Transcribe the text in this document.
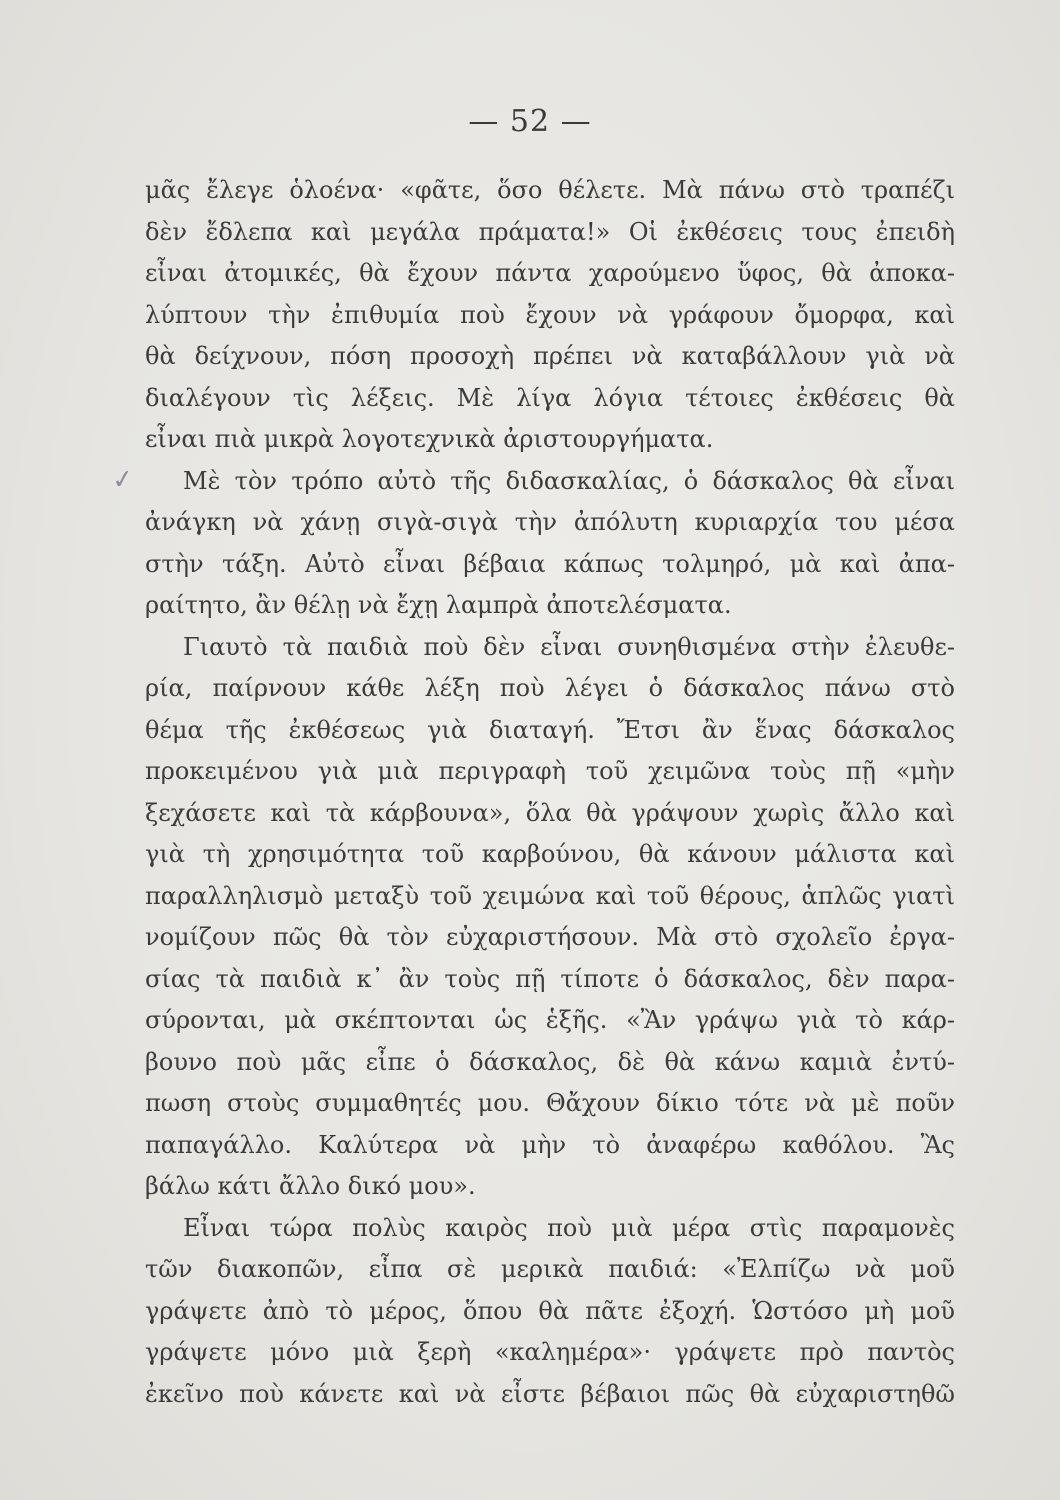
— 52 —
✓
μᾶς ἔλεγε ὁλοένα· «φᾶτε, ὅσο θέλετε. Μὰ πάνω στὸ τραπέζι
δὲν ἔδλεπα καὶ μεγάλα πράματα!» Οἱ ἐκθέσεις τους ἐπειδὴ
εἶναι ἀτομικές, θὰ ἔχουν πάντα χαρούμενο ὕφος, θὰ ἀποκα-
λύπτουν τὴν ἐπιθυμία ποὺ ἔχουν νὰ γράφουν ὄμορφα, καὶ
θὰ δείχνουν, πόση προσοχὴ πρέπει νὰ καταβάλλουν γιὰ νὰ
διαλέγουν τὶς λέξεις. Μὲ λίγα λόγια τέτοιες ἐκθέσεις θὰ
εἶναι πιὰ μικρὰ λογοτεχνικὰ ἀριστουργήματα.
Μὲ τὸν τρόπο αὐτὸ τῆς διδασκαλίας, ὁ δάσκαλος θὰ εἶναι
ἀνάγκη νὰ χάνῃ σιγὰ-σιγὰ τὴν ἀπόλυτη κυριαρχία του μέσα
στὴν τάξη. Αὐτὸ εἶναι βέβαια κάπως τολμηρό, μὰ καὶ ἀπα-
ραίτητο, ἂν θέλῃ νὰ ἔχῃ λαμπρὰ ἀποτελέσματα.
Γιαυτὸ τὰ παιδιὰ ποὺ δὲν εἶναι συνηθισμένα στὴν ἐλευθε-
ρία, παίρνουν κάθε λέξη ποὺ λέγει ὁ δάσκαλος πάνω στὸ
θέμα τῆς ἐκθέσεως γιὰ διαταγή. Ἔτσι ἂν ἕνας δάσκαλος
προκειμένου γιὰ μιὰ περιγραφὴ τοῦ χειμῶνα τοὺς πῇ «μὴν
ξεχάσετε καὶ τὰ κάρβουνα», ὅλα θὰ γράψουν χωρὶς ἄλλο καὶ
γιὰ τὴ χρησιμότητα τοῦ καρβούνου, θὰ κάνουν μάλιστα καὶ
παραλληλισμὸ μεταξὺ τοῦ χειμώνα καὶ τοῦ θέρους, ἁπλῶς γιατὶ
νομίζουν πῶς θὰ τὸν εὐχαριστήσουν. Μὰ στὸ σχολεῖο ἐργα-
σίας τὰ παιδιὰ κ᾿ ἂν τοὺς πῇ τίποτε ὁ δάσκαλος, δὲν παρα-
σύρονται, μὰ σκέπτονται ὡς ἑξῆς. «Ἂν γράψω γιὰ τὸ κάρ-
βουνο ποὺ μᾶς εἶπε ὁ δάσκαλος, δὲ θὰ κάνω καμιὰ ἐντύ-
πωση στοὺς συμμαθητές μου. Θἄχουν δίκιο τότε νὰ μὲ ποῦν
παπαγάλλο. Καλύτερα νὰ μὴν τὸ ἀναφέρω καθόλου. Ἂς
βάλω κάτι ἄλλο δικό μου».
Εἶναι τώρα πολὺς καιρὸς ποὺ μιὰ μέρα στὶς παραμονὲς
τῶν διακοπῶν, εἶπα σὲ μερικὰ παιδιά: «Ἐλπίζω νὰ μοῦ
γράψετε ἀπὸ τὸ μέρος, ὅπου θὰ πᾶτε ἐξοχή. Ὡστόσο μὴ μοῦ
γράψετε μόνο μιὰ ξερὴ «καλημέρα»· γράψετε πρὸ παντὸς
ἐκεῖνο ποὺ κάνετε καὶ νὰ εἶστε βέβαιοι πῶς θὰ εὐχαριστηθῶ
